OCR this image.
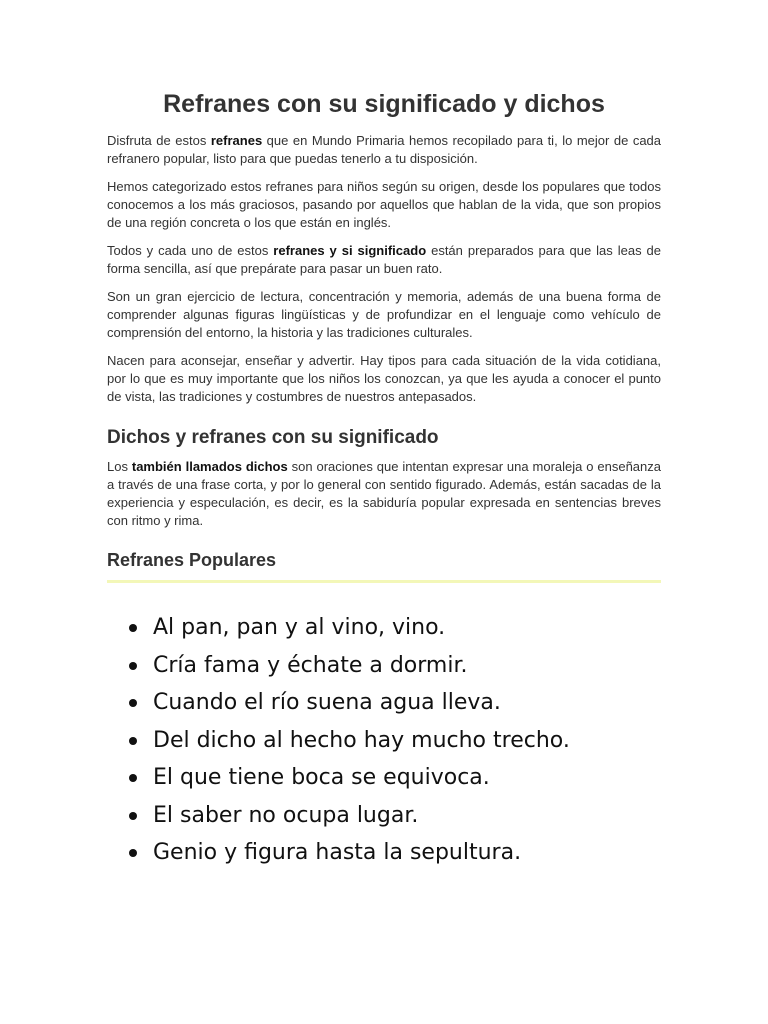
Refranes con su significado y dichos

Disfruta de estos refranes que en Mundo Primaria hemos recopilado para ti, lo mejor de cada refranero popular, listo para que puedas tenerlo a tu disposición.

Hemos categorizado estos refranes para niños según su origen, desde los populares que todos conocemos a los más graciosos, pasando por aquellos que hablan de la vida, que son propios de una región concreta o los que están en inglés.

Todos y cada uno de estos refranes y si significado están preparados para que las leas de forma sencilla, así que prepárate para pasar un buen rato.

Son un gran ejercicio de lectura, concentración y memoria, además de una buena forma de comprender algunas figuras lingüísticas y de profundizar en el lenguaje como vehículo de comprensión del entorno, la historia y las tradiciones culturales.

Nacen para aconsejar, enseñar y advertir. Hay tipos para cada situación de la vida cotidiana, por lo que es muy importante que los niños los conozcan, ya que les ayuda a conocer el punto de vista, las tradiciones y costumbres de nuestros antepasados.

Dichos y refranes con su significado

Los también llamados dichos son oraciones que intentan expresar una moraleja o enseñanza a través de una frase corta, y por lo general con sentido figurado. Además, están sacadas de la experiencia y especulación, es decir, es la sabiduría popular expresada en sentencias breves con ritmo y rima.

Refranes Populares
Al pan, pan y al vino, vino.
Cría fama y échate a dormir.
Cuando el río suena agua lleva.
Del dicho al hecho hay mucho trecho.
El que tiene boca se equivoca.
El saber no ocupa lugar.
Genio y figura hasta la sepultura.
